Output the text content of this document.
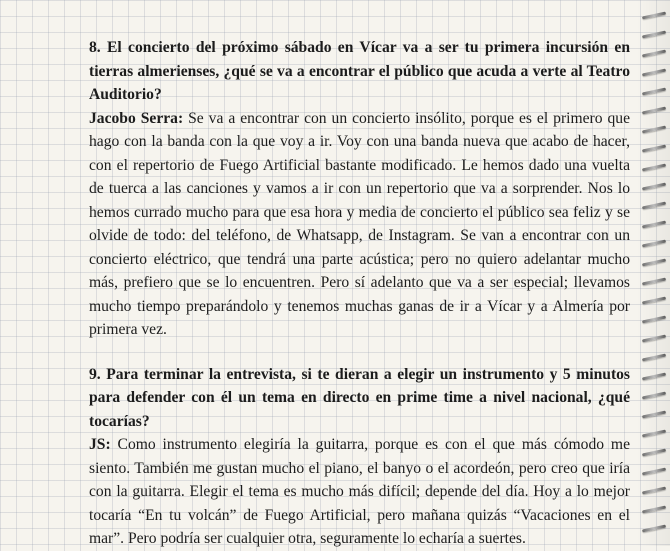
8. El concierto del próximo sábado en Vícar va a ser tu primera incursión en tierras almerienses, ¿qué se va a encontrar el público que acuda a verte al Teatro Auditorio?

Jacobo Serra: Se va a encontrar con un concierto insólito, porque es el primero que hago con la banda con la que voy a ir. Voy con una banda nueva que acabo de hacer, con el repertorio de Fuego Artificial bastante modificado. Le hemos dado una vuelta de tuerca a las canciones y vamos a ir con un repertorio que va a sorprender. Nos lo hemos currado mucho para que esa hora y media de concierto el público sea feliz y se olvide de todo: del teléfono, de Whatsapp, de Instagram. Se van a encontrar con un concierto eléctrico, que tendrá una parte acústica; pero no quiero adelantar mucho más, prefiero que se lo encuentren. Pero sí adelanto que va a ser especial; llevamos mucho tiempo preparándolo y tenemos muchas ganas de ir a Vícar y a Almería por primera vez.

9. Para terminar la entrevista, si te dieran a elegir un instrumento y 5 minutos para defender con él un tema en directo en prime time a nivel nacional, ¿qué tocarías?

JS: Como instrumento elegiría la guitarra, porque es con el que más cómodo me siento. También me gustan mucho el piano, el banyo o el acordeón, pero creo que iría con la guitarra. Elegir el tema es mucho más difícil; depende del día. Hoy a lo mejor tocaría “En tu volcán” de Fuego Artificial, pero mañana quizás “Vacaciones en el mar”. Pero podría ser cualquier otra, seguramente lo echaría a suertes.
